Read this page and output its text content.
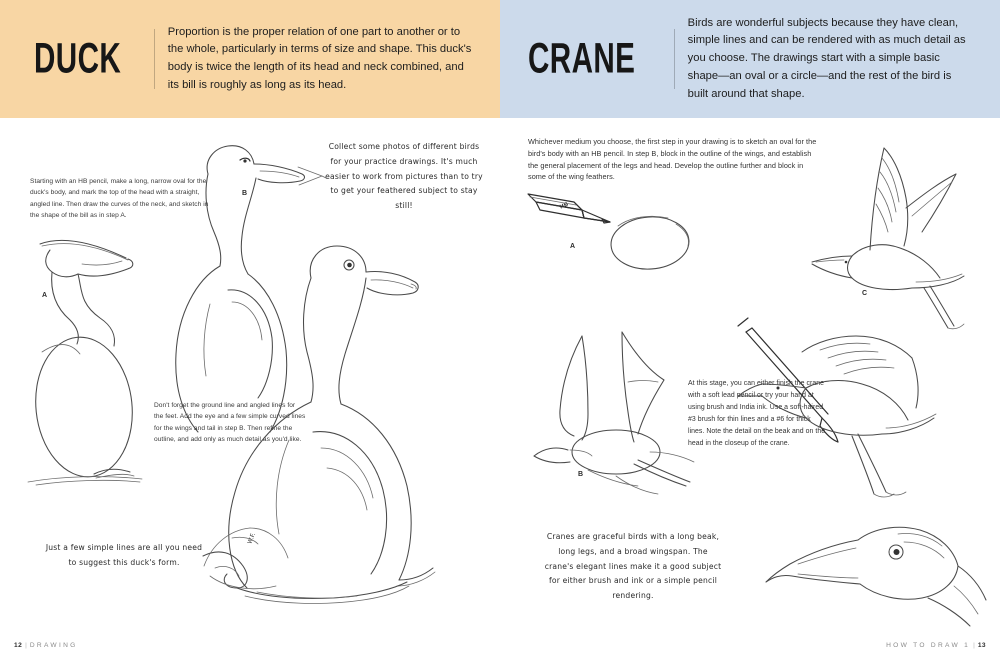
DUCK
Proportion is the proper relation of one part to another or to the whole, particularly in terms of size and shape. This duck's body is twice the length of its head and neck combined, and its bill is roughly as long as its head.
Starting with an HB pencil, make a long, narrow oval for the duck's body, and mark the top of the head with a straight, angled line. Then draw the curves of the neck, and sketch in the shape of the bill as in step A.
Collect some photos of different birds for your practice drawings. It's much easier to work from pictures than to try to get your feathered subject to stay still!
Don't forget the ground line and angled lines for the feet. Add the eye and a few simple curved lines for the wings and tail in step B. Then refine the outline, and add only as much detail as you'd like.
Just a few simple lines are all you need to suggest this duck's form.
A
B
W.F.
12 | DRAWING
CRANE
Birds are wonderful subjects because they have clean, simple lines and can be rendered with as much detail as you choose. The drawings start with a simple basic shape—an oval or a circle—and the rest of the bird is built around that shape.
Whichever medium you choose, the first step in your drawing is to sketch an oval for the bird's body with an HB pencil. In step B, block in the outline of the wings, and establish the general placement of the legs and head. Develop the outline further and block in some of the wing feathers.
At this stage, you can either finish the crane with a soft lead pencil or try your hand at using brush and India ink. Use a soft-haired #3 brush for thin lines and a #6 for thick lines. Note the detail on the beak and on the head in the closeup of the crane.
Cranes are graceful birds with a long beak, long legs, and a broad wingspan. The crane's elegant lines make it a good subject for either brush and ink or a simple pencil rendering.
A
B
C
HB
HOW TO DRAW 1 | 13
